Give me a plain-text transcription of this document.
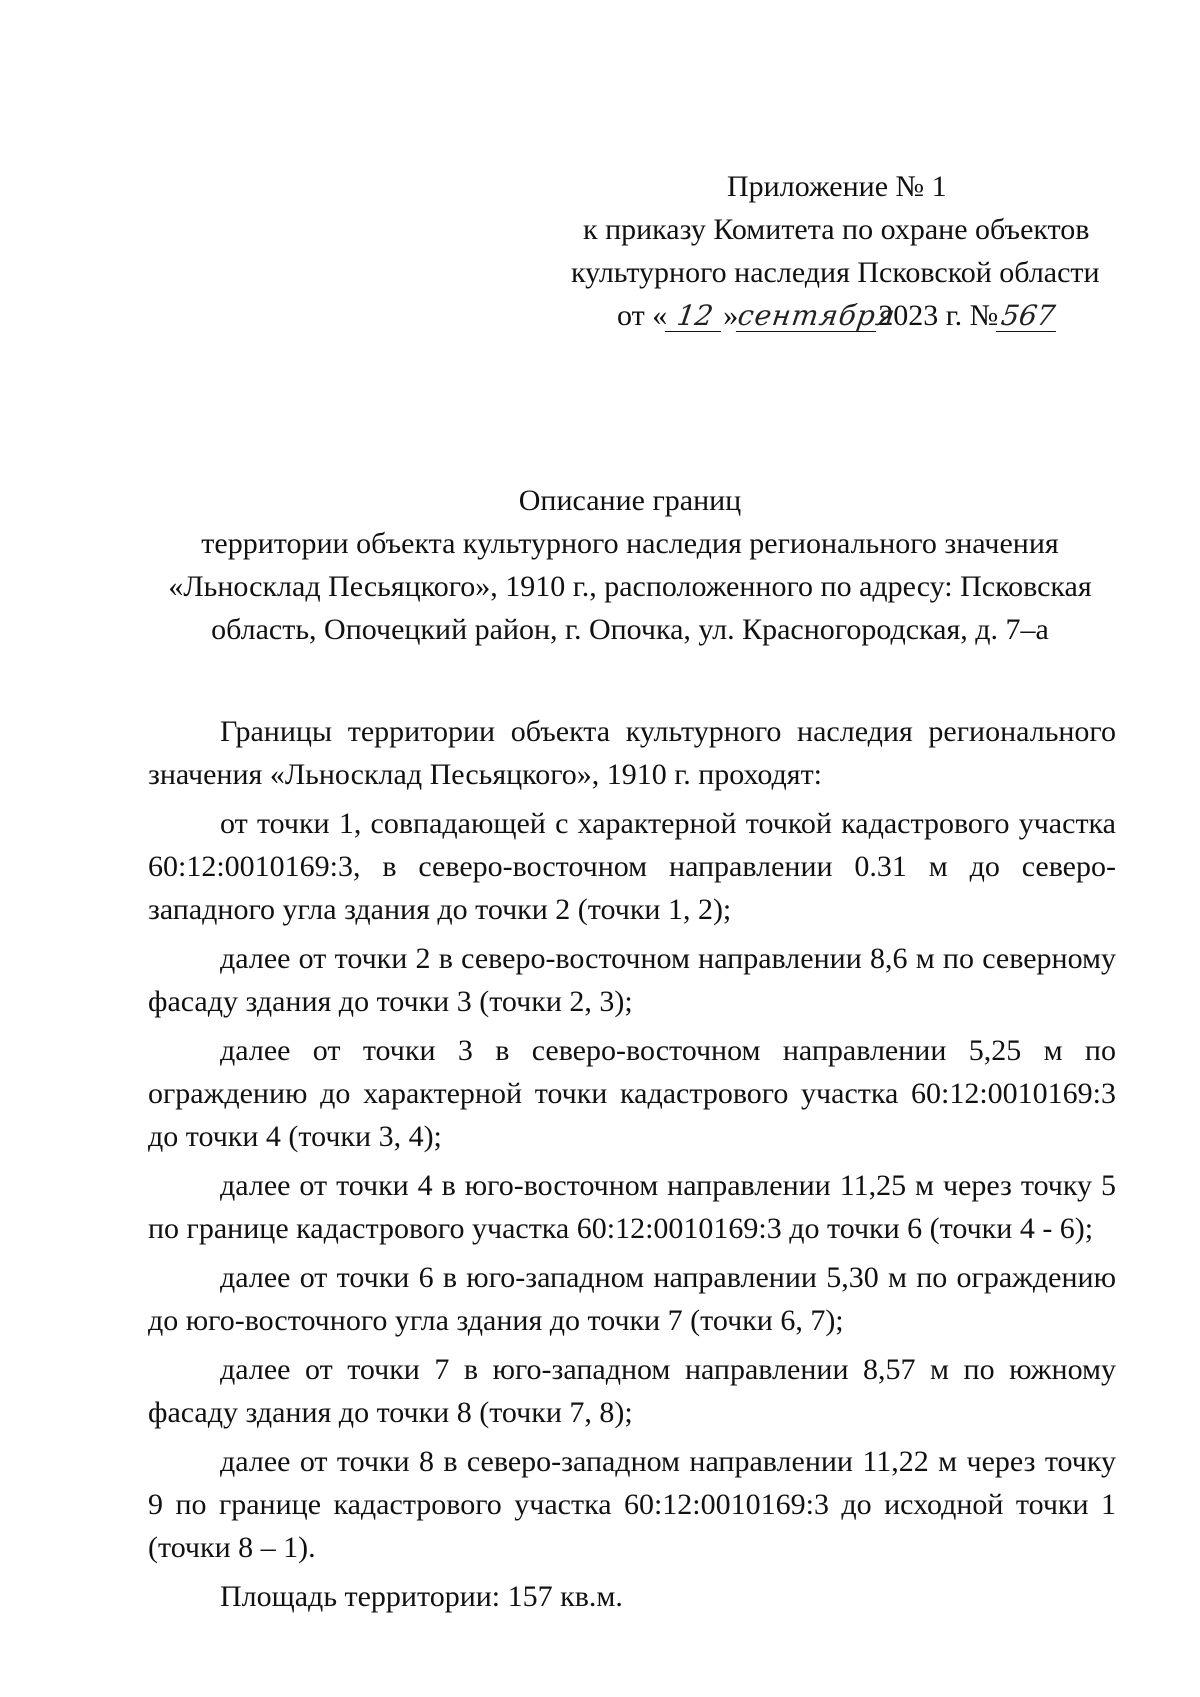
Приложение № 1
к приказу Комитета по охране объектов
культурного наследия Псковской области
от « 12 »сентября2023 г. №567
Описание границ
территории объекта культурного наследия регионального значения
«Льносклад Песьяцкого», 1910 г., расположенного по адресу: Псковская
область, Опочецкий район, г. Опочка, ул. Красногородская, д. 7–а

Границы территории объекта культурного наследия регионального значения «Льносклад Песьяцкого», 1910 г. проходят:

от точки 1, совпадающей с характерной точкой кадастрового участка 60:12:0010169:3, в северо-восточном направлении 0.31 м до северо-западного угла здания до точки 2 (точки 1, 2);

далее от точки 2 в северо-восточном направлении 8,6 м по северному фасаду здания до точки 3 (точки 2, 3);

далее от точки 3 в северо-восточном направлении 5,25 м по ограждению до характерной точки кадастрового участка 60:12:0010169:3 до точки 4 (точки 3, 4);

далее от точки 4 в юго-восточном направлении 11,25 м через точку 5 по границе кадастрового участка 60:12:0010169:3 до точки 6 (точки 4 - 6);

далее от точки 6 в юго-западном направлении 5,30 м по ограждению до юго-восточного угла здания до точки 7 (точки 6, 7);

далее от точки 7 в юго-западном направлении 8,57 м по южному фасаду здания до точки 8 (точки 7, 8);

далее от точки 8 в северо-западном направлении 11,22 м через точку 9 по границе кадастрового участка 60:12:0010169:3 до исходной точки 1 (точки 8 – 1).

Площадь территории: 157 кв.м.
